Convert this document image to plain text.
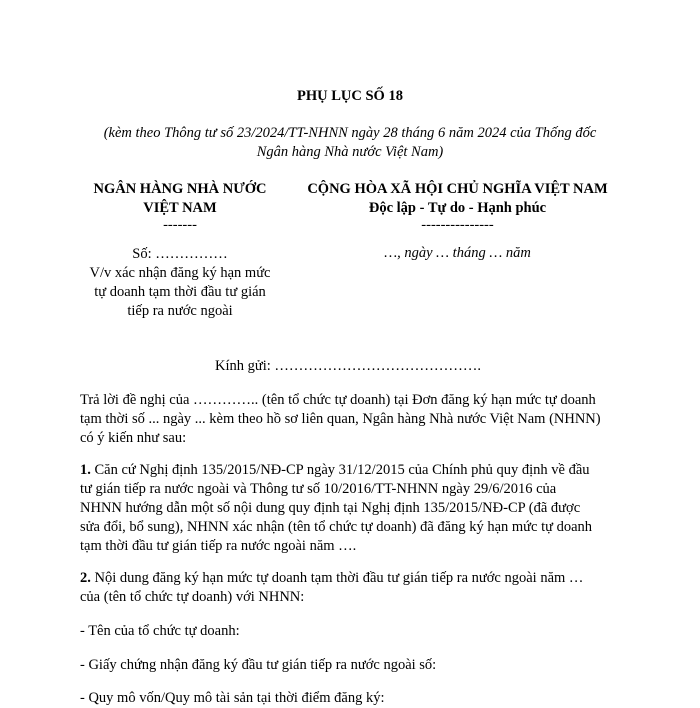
PHỤ LỤC SỐ 18
(kèm theo Thông tư số 23/2024/TT-NHNN ngày 28 tháng 6 năm 2024 của Thống đốc
Ngân hàng Nhà nước Việt Nam)
NGÂN HÀNG NHÀ NƯỚC
VIỆT NAM
-------
Số: ……………
V/v xác nhận đăng ký hạn mức
tự doanh tạm thời đầu tư gián
tiếp ra nước ngoài
CỘNG HÒA XÃ HỘI CHỦ NGHĨA VIỆT NAM
Độc lập - Tự do - Hạnh phúc
---------------
…, ngày … tháng … năm
Kính gửi: …………………………………….
Trả lời đề nghị của ………….. (tên tổ chức tự doanh) tại Đơn đăng ký hạn mức tự doanh
tạm thời số ... ngày ... kèm theo hồ sơ liên quan, Ngân hàng Nhà nước Việt Nam (NHNN)
có ý kiến như sau:
1. Căn cứ Nghị định 135/2015/NĐ-CP ngày 31/12/2015 của Chính phủ quy định về đầu
tư gián tiếp ra nước ngoài và Thông tư số 10/2016/TT-NHNN ngày 29/6/2016 của
NHNN hướng dẫn một số nội dung quy định tại Nghị định 135/2015/NĐ-CP (đã được
sửa đổi, bổ sung), NHNN xác nhận (tên tổ chức tự doanh) đã đăng ký hạn mức tự doanh
tạm thời đầu tư gián tiếp ra nước ngoài năm ….
2. Nội dung đăng ký hạn mức tự doanh tạm thời đầu tư gián tiếp ra nước ngoài năm …
của (tên tổ chức tự doanh) với NHNN:
- Tên của tổ chức tự doanh:
- Giấy chứng nhận đăng ký đầu tư gián tiếp ra nước ngoài số:
- Quy mô vốn/Quy mô tài sản tại thời điểm đăng ký:
